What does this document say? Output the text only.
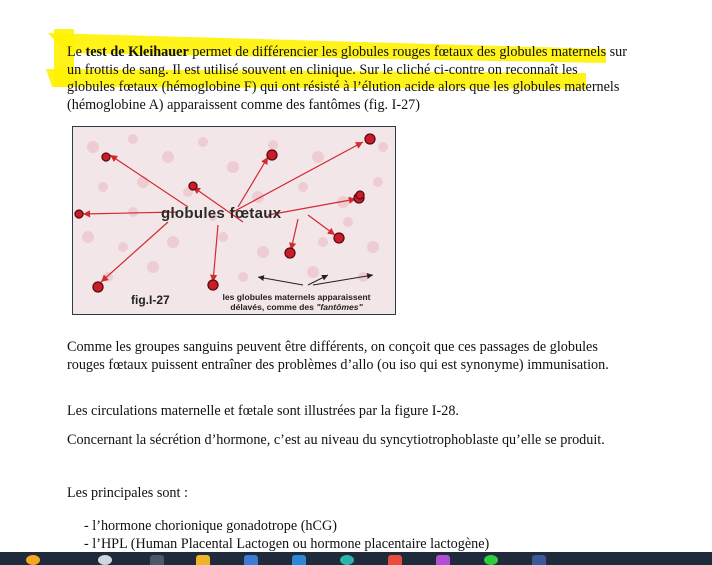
Le test de Kleihauer permet de différencier les globules rouges fœtaux des globules maternels sur un frottis de sang. Il est utilisé souvent en clinique. Sur le cliché ci-contre on reconnaît les globules fœtaux (hémoglobine F) qui ont résisté à l’élution acide alors que les globules maternels (hémoglobine A) apparaissent comme des fantômes (fig. I-27)
globules fœtaux
fig.I-27	les globules maternels apparaissent
délavés, comme des "fantômes"
Comme les groupes sanguins peuvent être différents, on conçoit que ces passages de globules rouges fœtaux puissent entraîner des problèmes d’allo (ou iso qui est synonyme) immunisation.
Les circulations maternelle et fœtale sont illustrées par la figure I-28.
Concernant la sécrétion d’hormone, c’est au niveau du syncytiotrophoblaste qu’elle se produit.
Les principales sont :
- l’hormone chorionique gonadotrope (hCG)
- l’HPL (Human Placental Lactogen ou hormone placentaire lactogène)
